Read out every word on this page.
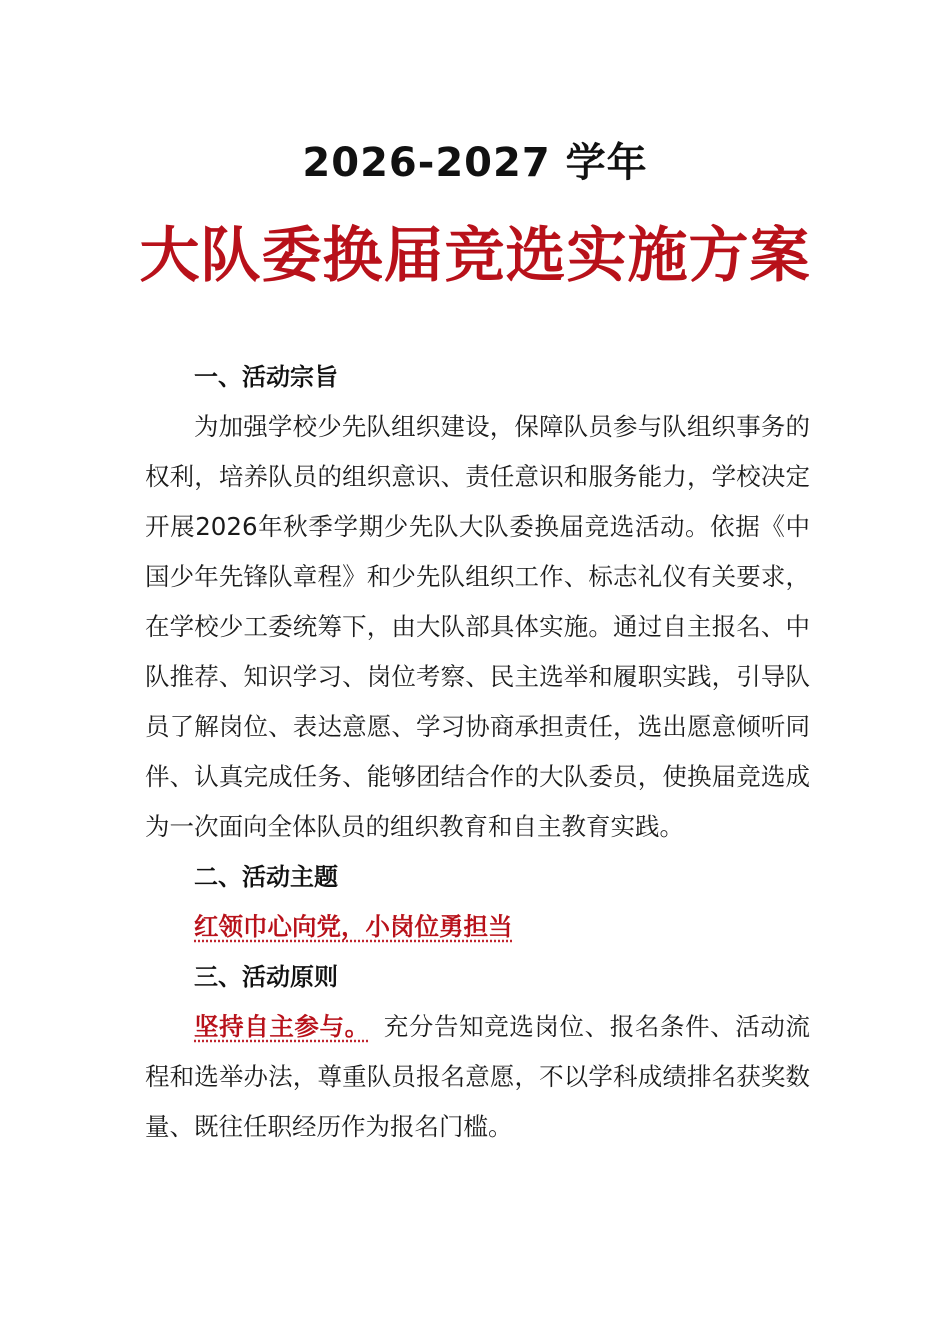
2026-2027 学年
大队委换届竞选实施方案

一、活动宗旨

为加强学校少先队组织建设，保障队员参与队组织事务的权利，培养队员的组织意识、责任意识和服务能力，学校决定开展2026年秋季学期少先队大队委换届竞选活动。依据《中国少年先锋队章程》和少先队组织工作、标志礼仪有关要求，在学校少工委统筹下，由大队部具体实施。通过自主报名、中队推荐、知识学习、岗位考察、民主选举和履职实践，引导队员了解岗位、表达意愿、学习协商承担责任，选出愿意倾听同伴、认真完成任务、能够团结合作的大队委员，使换届竞选成为一次面向全体队员的组织教育和自主教育实践。

二、活动主题

红领巾心向党，小岗位勇担当

三、活动原则

坚持自主参与。 充分告知竞选岗位、报名条件、活动流程和选举办法，尊重队员报名意愿，不以学科成绩排名获奖数量、既往任职经历作为报名门槛。
